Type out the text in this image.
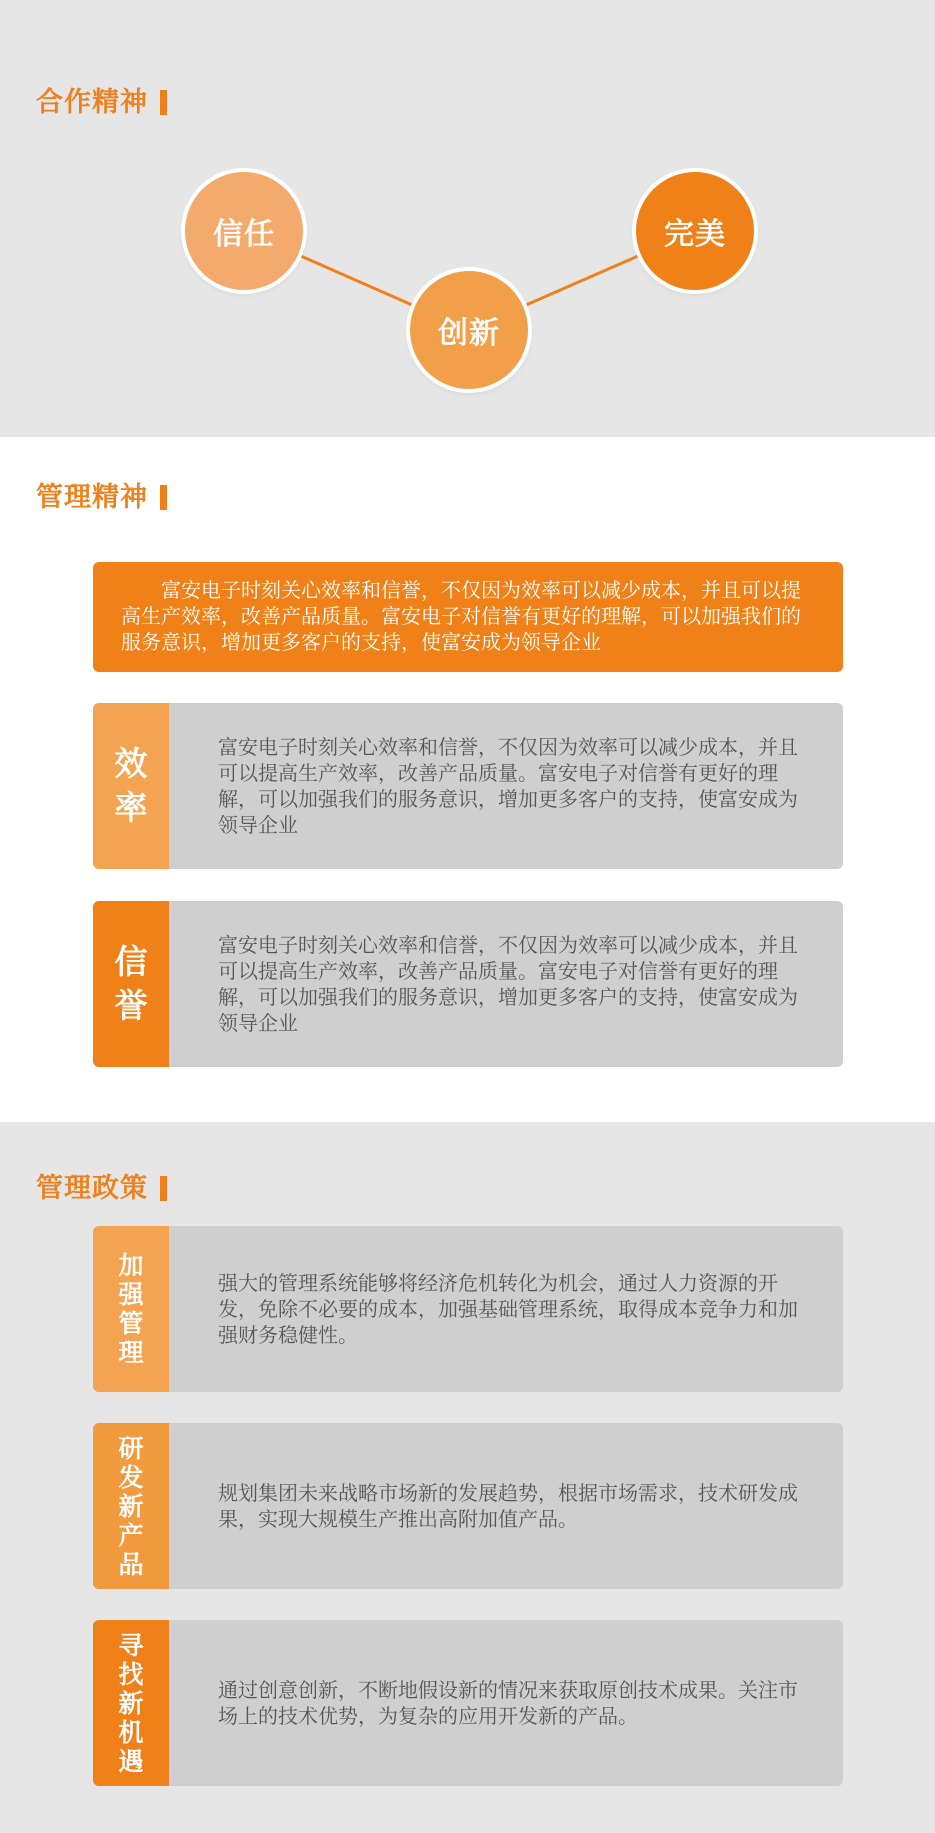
合作精神
信任
创新
完美
管理精神
富安电子时刻关心效率和信誉，不仅因为效率可以减少成本，并且可以提高生产效率，改善产品质量。富安电子对信誉有更好的理解，可以加强我们的服务意识，增加更多客户的支持，使富安成为领导企业
效
率
富安电子时刻关心效率和信誉，不仅因为效率可以减少成本，并且可以提高生产效率，改善产品质量。富安电子对信誉有更好的理解，可以加强我们的服务意识，增加更多客户的支持，使富安成为领导企业
信
誉
富安电子时刻关心效率和信誉，不仅因为效率可以减少成本，并且可以提高生产效率，改善产品质量。富安电子对信誉有更好的理解，可以加强我们的服务意识，增加更多客户的支持，使富安成为领导企业
管理政策
加
强
管
理
强大的管理系统能够将经济危机转化为机会，通过人力资源的开发，免除不必要的成本，加强基础管理系统，取得成本竞争力和加强财务稳健性。
研
发
新
产
品
规划集团未来战略市场新的发展趋势，根据市场需求，技术研发成果，实现大规模生产推出高附加值产品。
寻
找
新
机
遇
通过创意创新，不断地假设新的情况来获取原创技术成果。关注市场上的技术优势，为复杂的应用开发新的产品。
